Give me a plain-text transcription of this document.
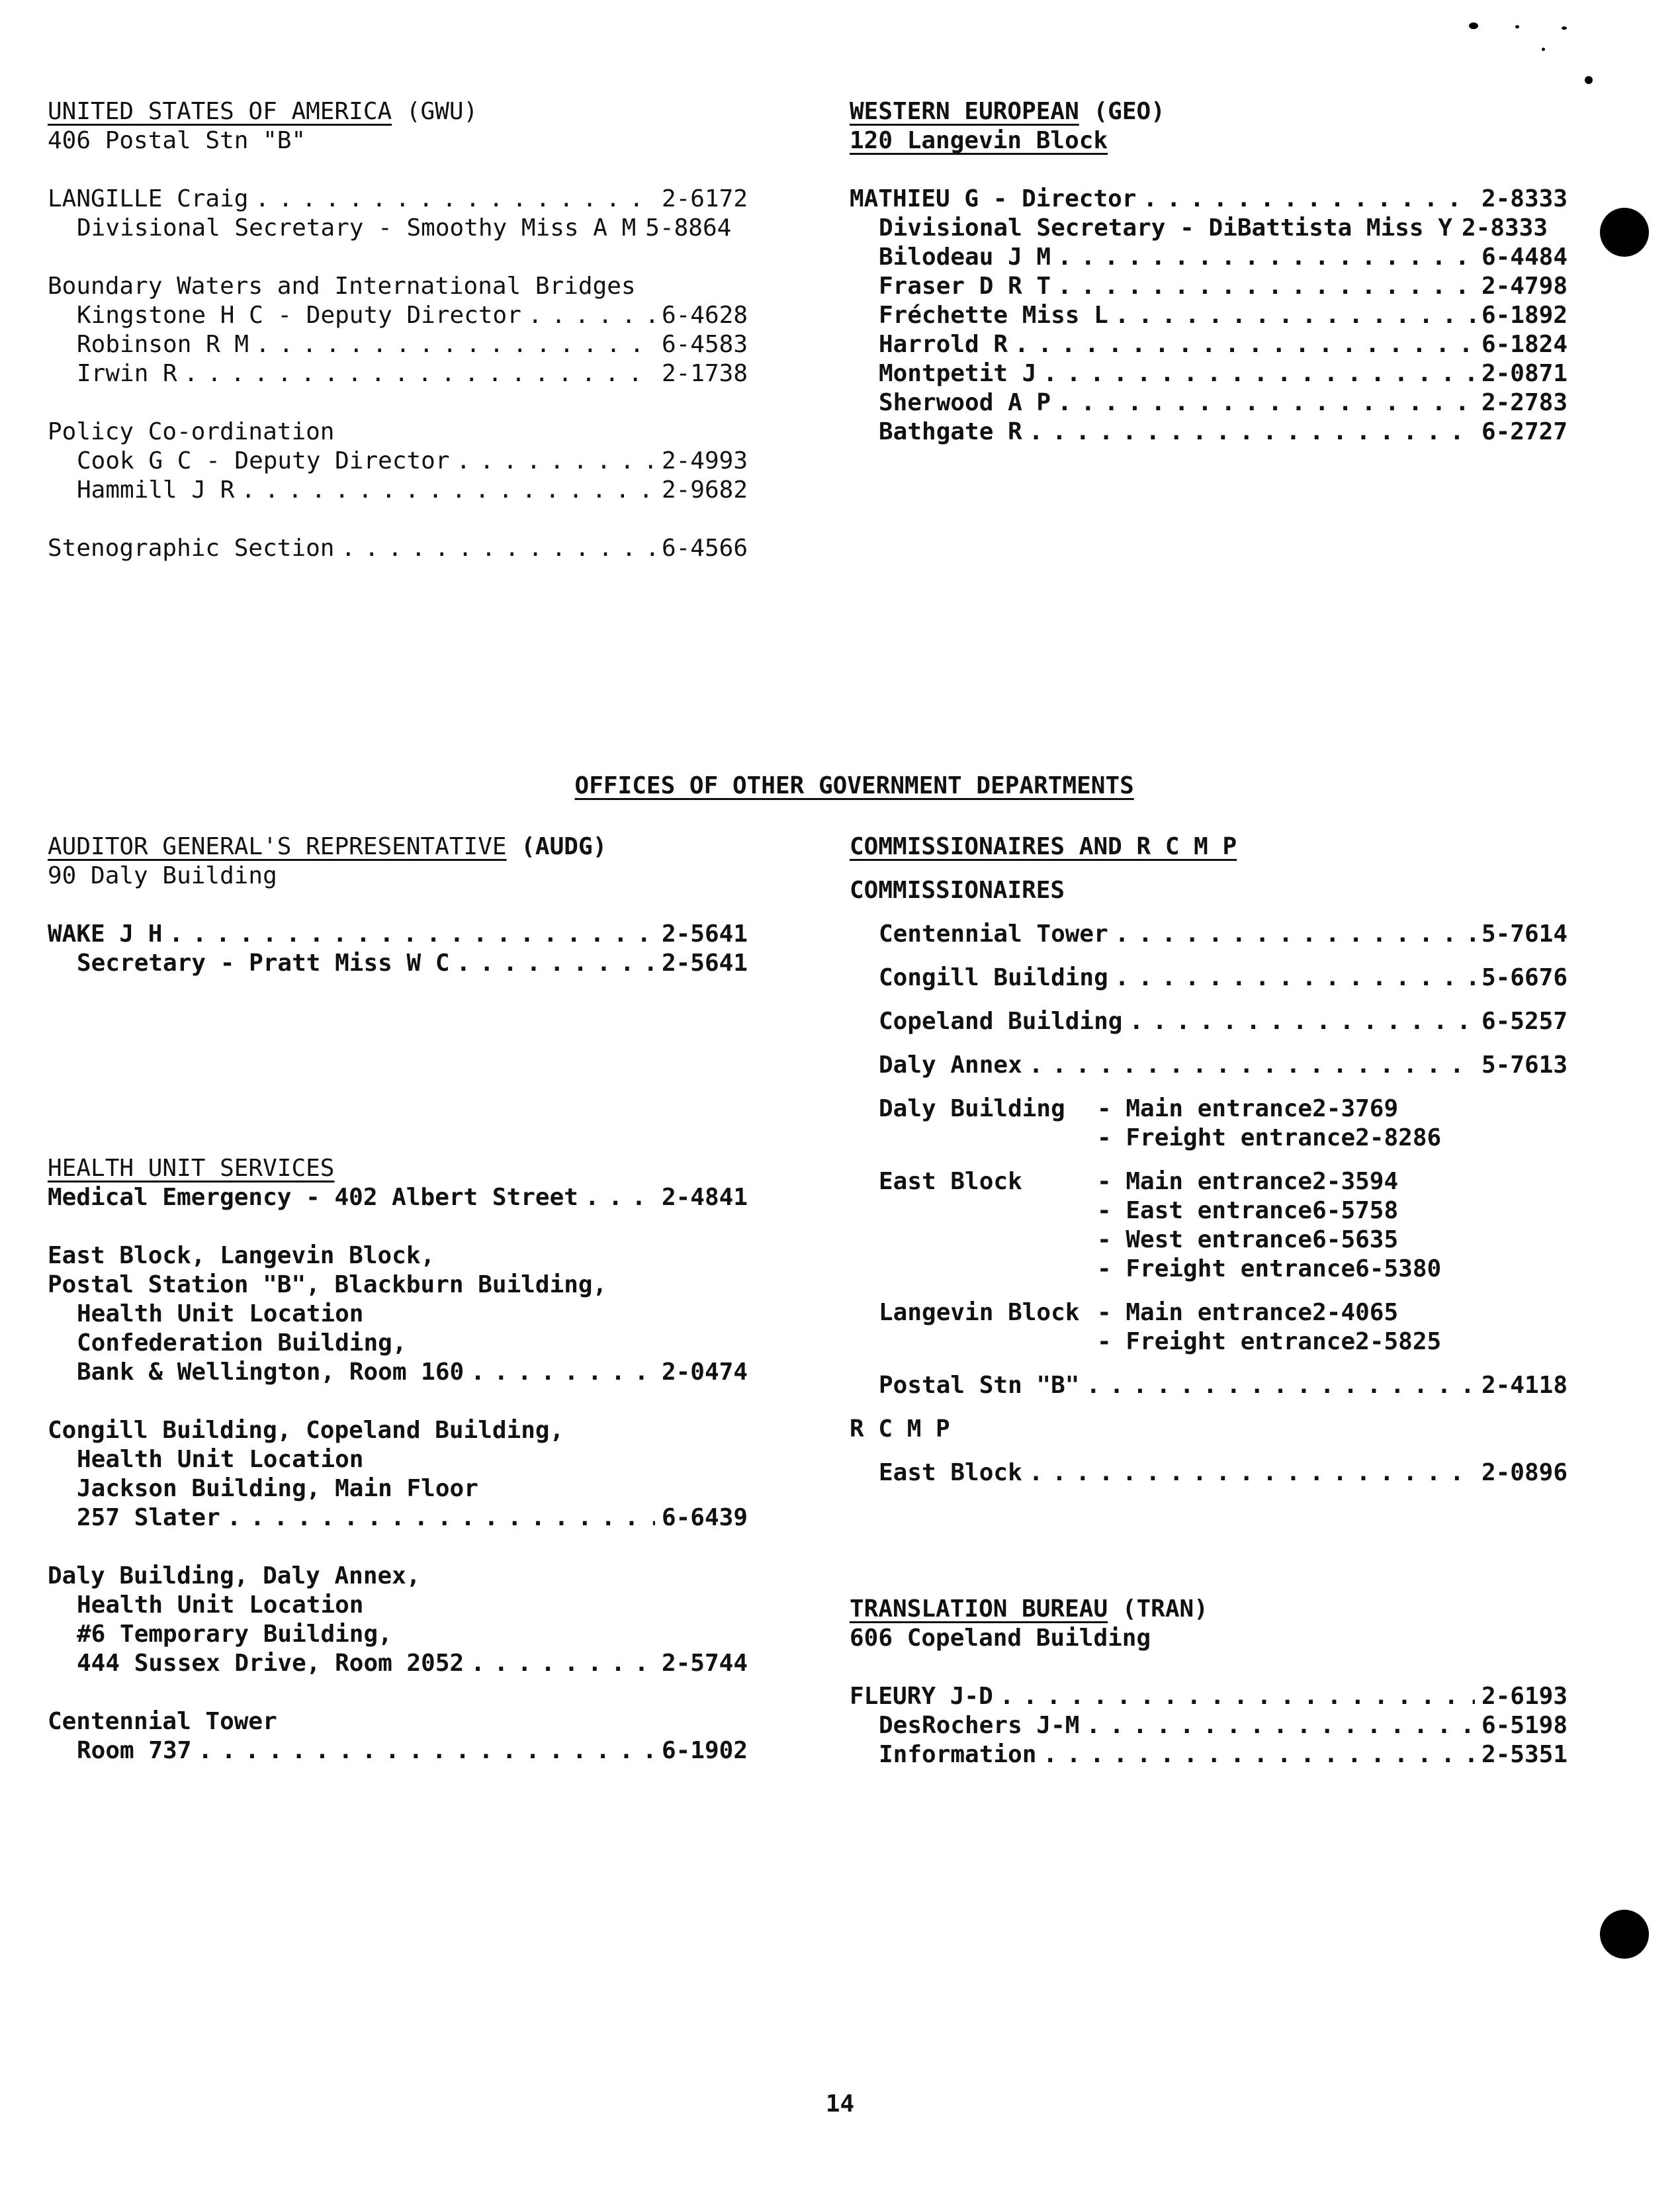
UNITED STATES OF AMERICA (GWU)
406 Postal Stn "B"
LANGILLE Craig . . .	2-6172
Divisional Secretary - Smoothy Miss A M 5-8864
Boundary Waters and International Bridges
Kingstone H C - Deputy Director . . .	6-4628
Robinson R M . . .	6-4583
Irwin R . . .	2-1738
Policy Co-ordination
Cook G C - Deputy Director . . .	2-4993
Hammill J R . . .	2-9682
Stenographic Section . . .	6-4566
WESTERN EUROPEAN (GEO)
120 Langevin Block
MATHIEU G - Director . . .	2-8333
Divisional Secretary - DiBattista Miss Y 2-8333
Bilodeau J M . . .	6-4484
Fraser D R T . . .	2-4798
Fréchette Miss L . . .	6-1892
Harrold R . . .	6-1824
Montpetit J . . .	2-0871
Sherwood A P . . .	2-2783
Bathgate R . . .	6-2727

OFFICES OF OTHER GOVERNMENT DEPARTMENTS

AUDITOR GENERAL'S REPRESENTATIVE (AUDG)
90 Daly Building
WAKE J H . . .	2-5641
Secretary - Pratt Miss W C . . .	2-5641
HEALTH UNIT SERVICES
Medical Emergency - 402 Albert Street . . .	2-4841
East Block, Langevin Block,
Postal Station "B", Blackburn Building,
Health Unit Location
Confederation Building,
Bank & Wellington, Room 160 . . .	2-0474
Congill Building, Copeland Building,
Health Unit Location
Jackson Building, Main Floor
257 Slater . . .	6-6439
Daly Building, Daly Annex,
Health Unit Location
#6 Temporary Building,
444 Sussex Drive, Room 2052 . . .	2-5744
Centennial Tower
Room 737 . . .	6-1902
COMMISSIONAIRES AND R C M P
COMMISSIONAIRES
Centennial Tower . . .	5-7614
Congill Building . . .	5-6676
Copeland Building . . .	6-5257
Daly Annex . . .	5-7613
Daly Building	- Main entrance 2-3769
- Freight entrance 2-8286
East Block	- Main entrance 2-3594
- East entrance 6-5758
- West entrance 6-5635
- Freight entrance 6-5380
Langevin Block - Main entrance 2-4065
- Freight entrance 2-5825
Postal Stn "B" . . .	2-4118
R C M P
East Block . . .	2-0896
TRANSLATION BUREAU (TRAN)
606 Copeland Building
FLEURY J-D . . .	2-6193
DesRochers J-M . . .	6-5198
Information . . .	2-5351
14
